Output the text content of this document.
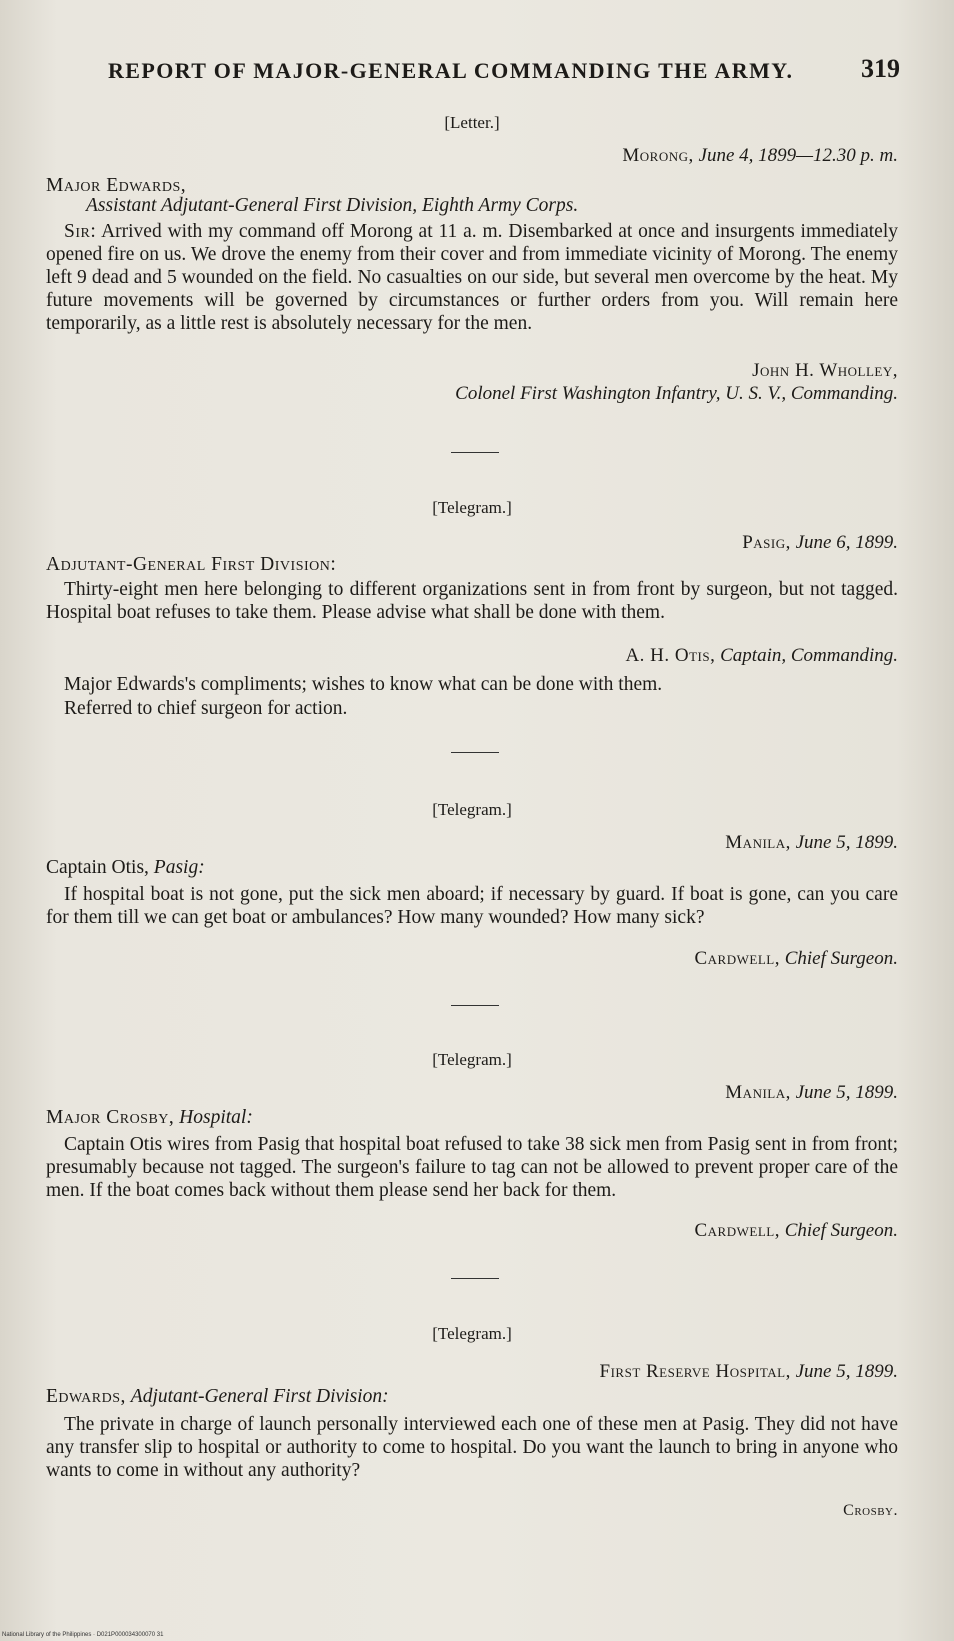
REPORT OF MAJOR-GENERAL COMMANDING THE ARMY.	319
[Letter.]
Morong, June 4, 1899—12.30 p. m.

Major Edwards,

Assistant Adjutant-General First Division, Eighth Army Corps.

Sir: Arrived with my command off Morong at 11 a. m. Disembarked at once and insurgents immediately opened fire on us. We drove the enemy from their cover and from immediate vicinity of Morong. The enemy left 9 dead and 5 wounded on the field. No casualties on our side, but several men overcome by the heat. My future movements will be governed by circumstances or further orders from you. Will remain here temporarily, as a little rest is absolutely necessary for the men.

John H. Wholley,
Colonel First Washington Infantry, U. S. V., Commanding.
[Telegram.]
Pasig, June 6, 1899.

Adjutant-General First Division:

Thirty-eight men here belonging to different organizations sent in from front by surgeon, but not tagged. Hospital boat refuses to take them. Please advise what shall be done with them.

A. H. Otis, Captain, Commanding.

Major Edwards's compliments; wishes to know what can be done with them.

Referred to chief surgeon for action.

[Telegram.]
Manila, June 5, 1899.

Captain Otis, Pasig:

If hospital boat is not gone, put the sick men aboard; if necessary by guard. If boat is gone, can you care for them till we can get boat or ambulances? How many wounded? How many sick?

Cardwell, Chief Surgeon.
[Telegram.]
Manila, June 5, 1899.

Major Crosby, Hospital:

Captain Otis wires from Pasig that hospital boat refused to take 38 sick men from Pasig sent in from front; presumably because not tagged. The surgeon's failure to tag can not be allowed to prevent proper care of the men. If the boat comes back without them please send her back for them.

Cardwell, Chief Surgeon.
[Telegram.]
First Reserve Hospital, June 5, 1899.

Edwards, Adjutant-General First Division:

The private in charge of launch personally interviewed each one of these men at Pasig. They did not have any transfer slip to hospital or authority to come to hospital. Do you want the launch to bring in anyone who wants to come in without any authority?

Crosby.
National Library of the Philippines · D021P000034300070 31
